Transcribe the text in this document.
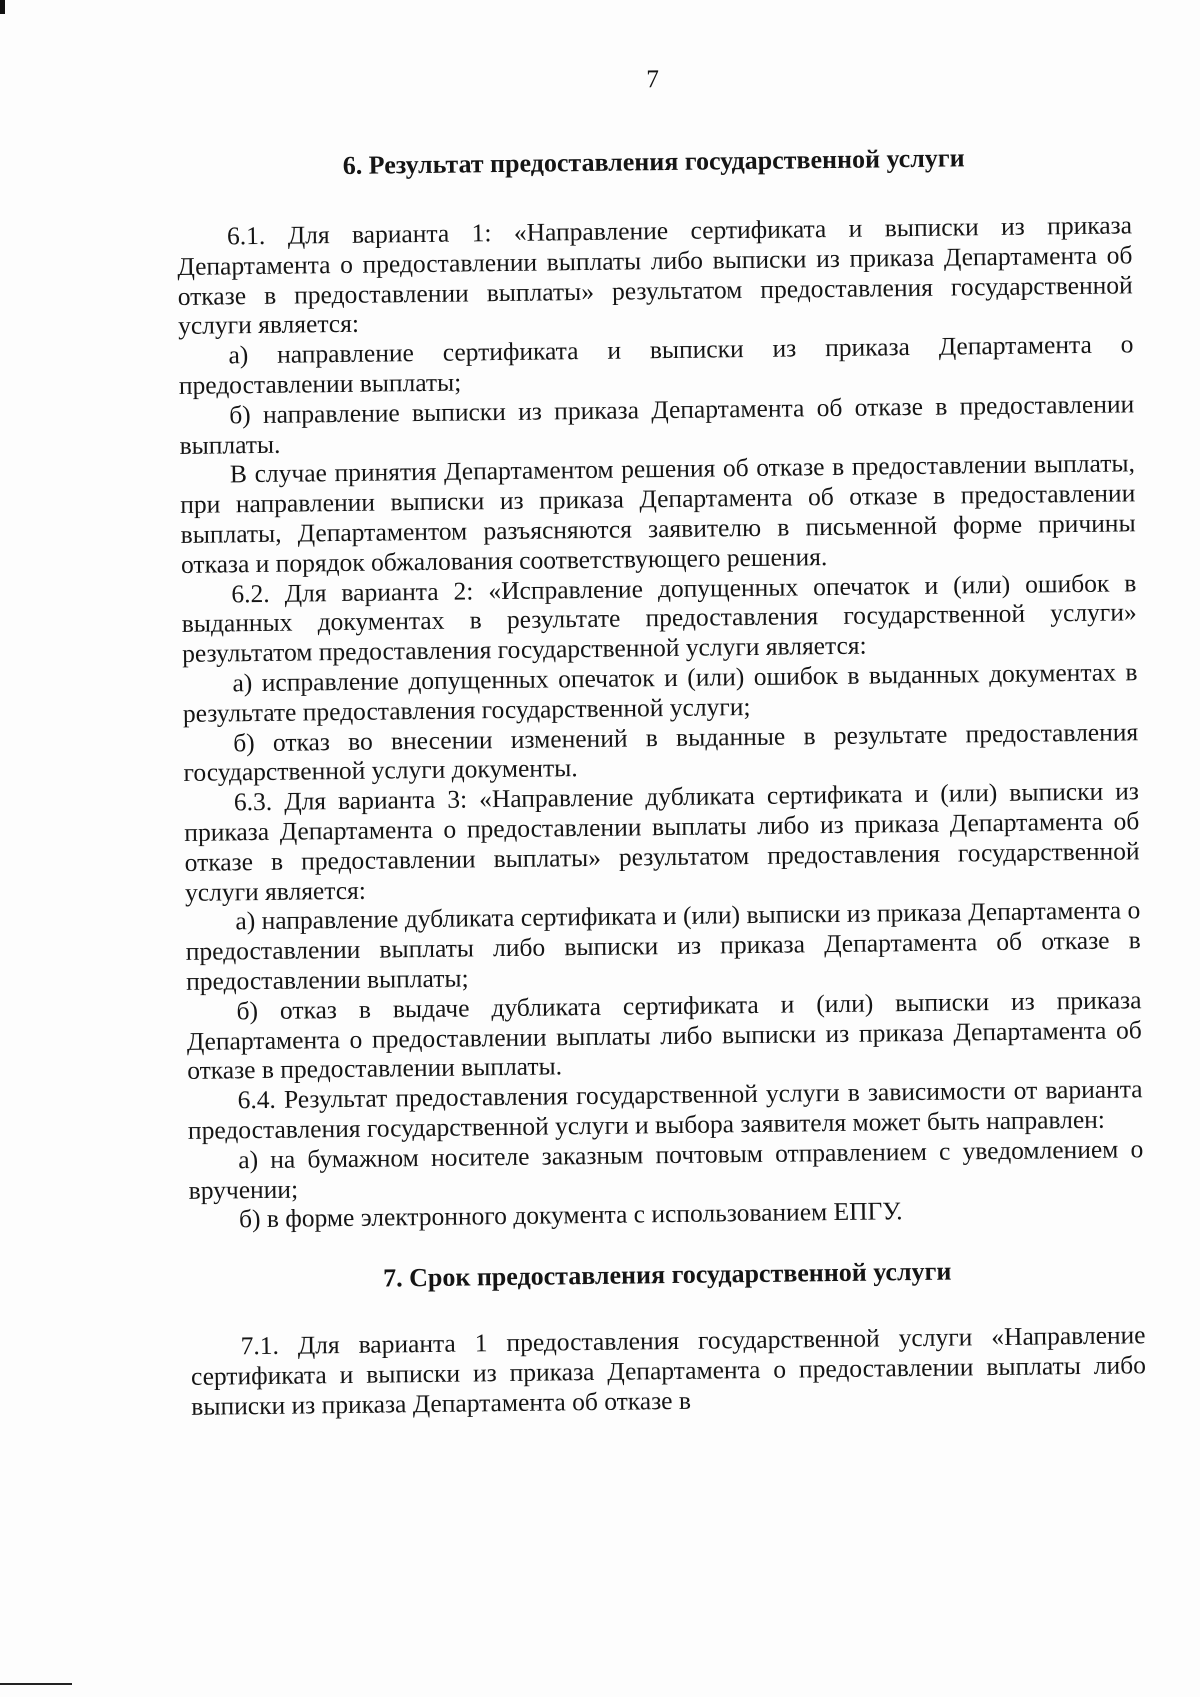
7
6. Результат предоставления государственной услуги

6.1. Для варианта 1: «Направление сертификата и выписки из приказа Департамента о предоставлении выплаты либо выписки из приказа Департамента об отказе в предоставлении выплаты» результатом предоставления государственной услуги является:

а) направление сертификата и выписки из приказа Департамента о предоставлении выплаты;

б) направление выписки из приказа Департамента об отказе в предоставлении выплаты.

В случае принятия Департаментом решения об отказе в предоставлении выплаты, при направлении выписки из приказа Департамента об отказе в предоставлении выплаты, Департаментом разъясняются заявителю в письменной форме причины отказа и порядок обжалования соответствующего решения.

6.2. Для варианта 2: «Исправление допущенных опечаток и (или) ошибок в выданных документах в результате предоставления государственной услуги» результатом предоставления государственной услуги является:

а) исправление допущенных опечаток и (или) ошибок в выданных документах в результате предоставления государственной услуги;

б) отказ во внесении изменений в выданные в результате предоставления государственной услуги документы.

6.3. Для варианта 3: «Направление дубликата сертификата и (или) выписки из приказа Департамента о предоставлении выплаты либо из приказа Департамента об отказе в предоставлении выплаты» результатом предоставления государственной услуги является:

а) направление дубликата сертификата и (или) выписки из приказа Департамента о предоставлении выплаты либо выписки из приказа Департамента об отказе в предоставлении выплаты;

б) отказ в выдаче дубликата сертификата и (или) выписки из приказа Департамента о предоставлении выплаты либо выписки из приказа Департамента об отказе в предоставлении выплаты.

6.4. Результат предоставления государственной услуги в зависимости от варианта предоставления государственной услуги и выбора заявителя может быть направлен:

а) на бумажном носителе заказным почтовым отправлением с уведомлением о вручении;

б) в форме электронного документа с использованием ЕПГУ.

7. Срок предоставления государственной услуги

7.1. Для варианта 1 предоставления государственной услуги «Направление сертификата и выписки из приказа Департамента о предоставлении выплаты либо выписки из приказа Департамента об отказе в
